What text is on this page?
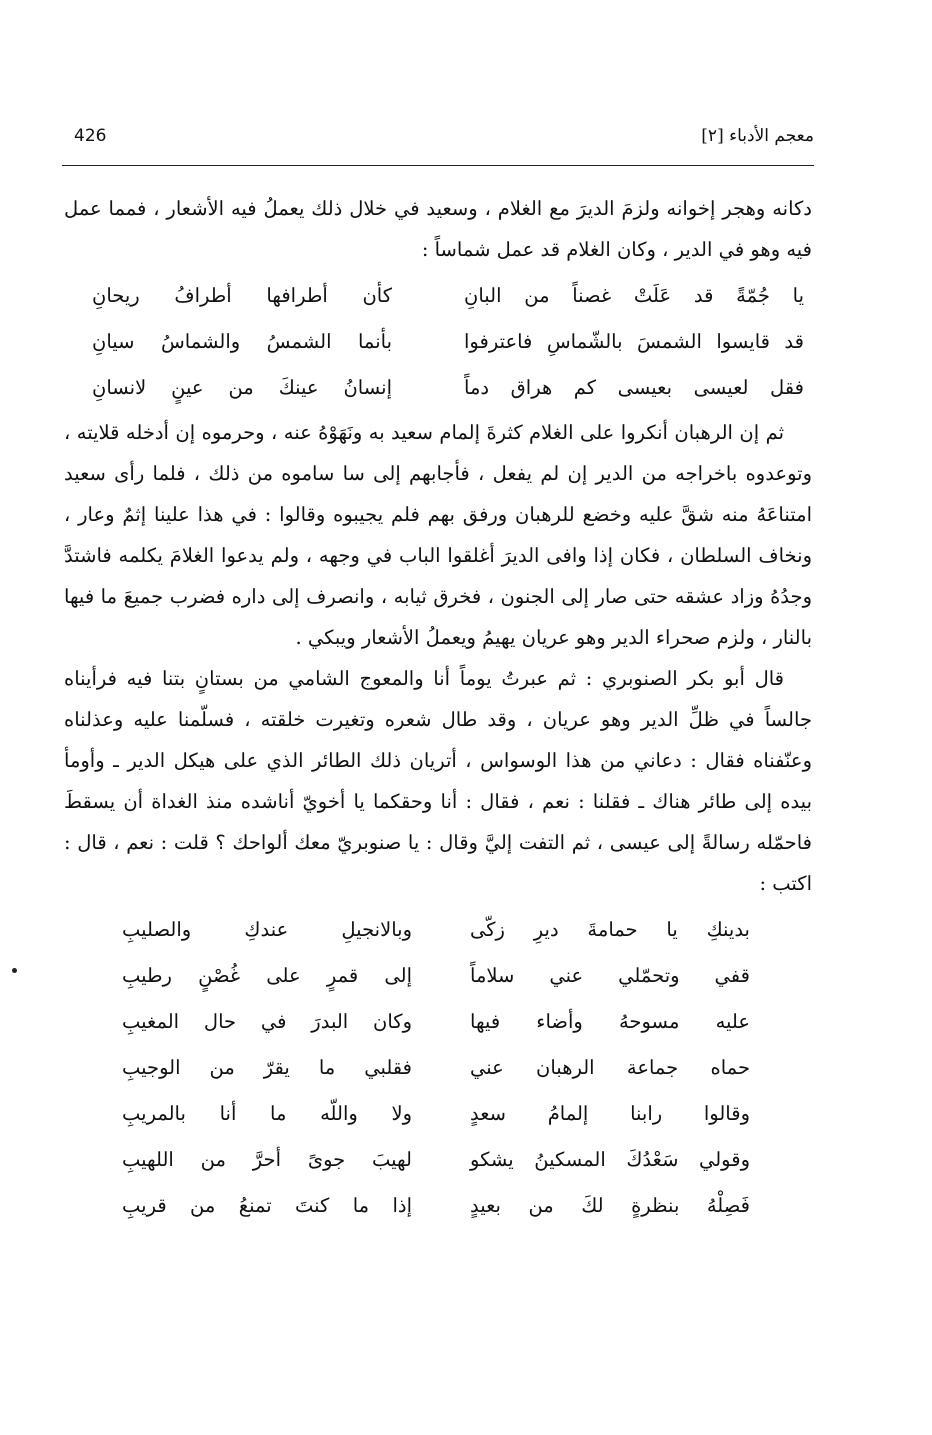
معجم الأدباء [٢]
426

دكانه وهجر إخوانه ولزمَ الديرَ مع الغلام ، وسعيد في خلال ذلك يعملُ فيه الأشعار ، فمما عمل فيه وهو في الدير ، وكان الغلام قد عمل شماساً :

يا جُمّةً قد عَلَتْ غصناً من البانِ
كأن أطرافها أطرافُ ريحانِ
قد قايسوا الشمسَ بالشّماسِ فاعترفوا
بأنما الشمسُ والشماسُ سيانِ
فقل لعيسى بعيسى كم هراق دماً
إنسانُ عينكَ من عينٍ لانسانِ

ثم إن الرهبان أنكروا على الغلام كثرةَ إلمام سعيد به ونَهَوْهُ عنه ، وحرموه إن أدخله قلايته ، وتوعدوه باخراجه من الدير إن لم يفعل ، فأجابهم إلى سا ساموه من ذلك ، فلما رأى سعيد امتناعَهُ منه شقَّ عليه وخضع للرهبان ورفق بهم فلم يجيبوه وقالوا : في هذا علينا إثمٌ وعار ، ونخاف السلطان ، فكان إذا وافى الديرَ أغلقوا الباب في وجهه ، ولم يدعوا الغلامَ يكلمه فاشتدَّ وجدُهُ وزاد عشقه حتى صار إلى الجنون ، فخرق ثيابه ، وانصرف إلى داره فضرب جميعَ ما فيها بالنار ، ولزم صحراء الدير وهو عريان يهيمُ ويعملُ الأشعار ويبكي .

قال أبو بكر الصنوبري : ثم عبرتُ يوماً أنا والمعوج الشامي من بستانٍ بتنا فيه فرأيناه جالساً في ظلِّ الدير وهو عريان ، وقد طال شعره وتغيرت خلقته ، فسلّمنا عليه وعذلناه وعنّفناه فقال : دعاني من هذا الوسواس ، أتريان ذلك الطائر الذي على هيكل الدير ـ وأومأ بيده إلى طائر هناك ـ فقلنا : نعم ، فقال : أنا وحقكما يا أخويّ أناشده منذ الغداة أن يسقطَ فاحمّله رسالةً إلى عيسى ، ثم التفت إليَّ وقال : يا صنوبريّ معك ألواحك ؟ قلت : نعم ، قال : اكتب :

بدينكِ يا حمامةَ ديرِ زكّى
وبالانجيلِ عندكِ والصليبِ
قفي وتحمّلي عني سلاماً
إلى قمرٍ على غُصْنٍ رطيبِ
عليه مسوحهُ وأضاء فيها
وكان البدرَ في حال المغيبِ
حماه جماعة الرهبان عني
فقلبي ما يقرّ من الوجيبِ
وقالوا رابنا إلمامُ سعدٍ
ولا واللّه ما أنا بالمريبِ
وقولي سَعْدُكَ المسكينُ يشكو
لهيبَ جوىً أحرَّ من اللهيبِ
فَصِلْهُ بنظرةٍ لكَ من بعيدٍ
إذا ما كنتَ تمنعُ من قريبِ
